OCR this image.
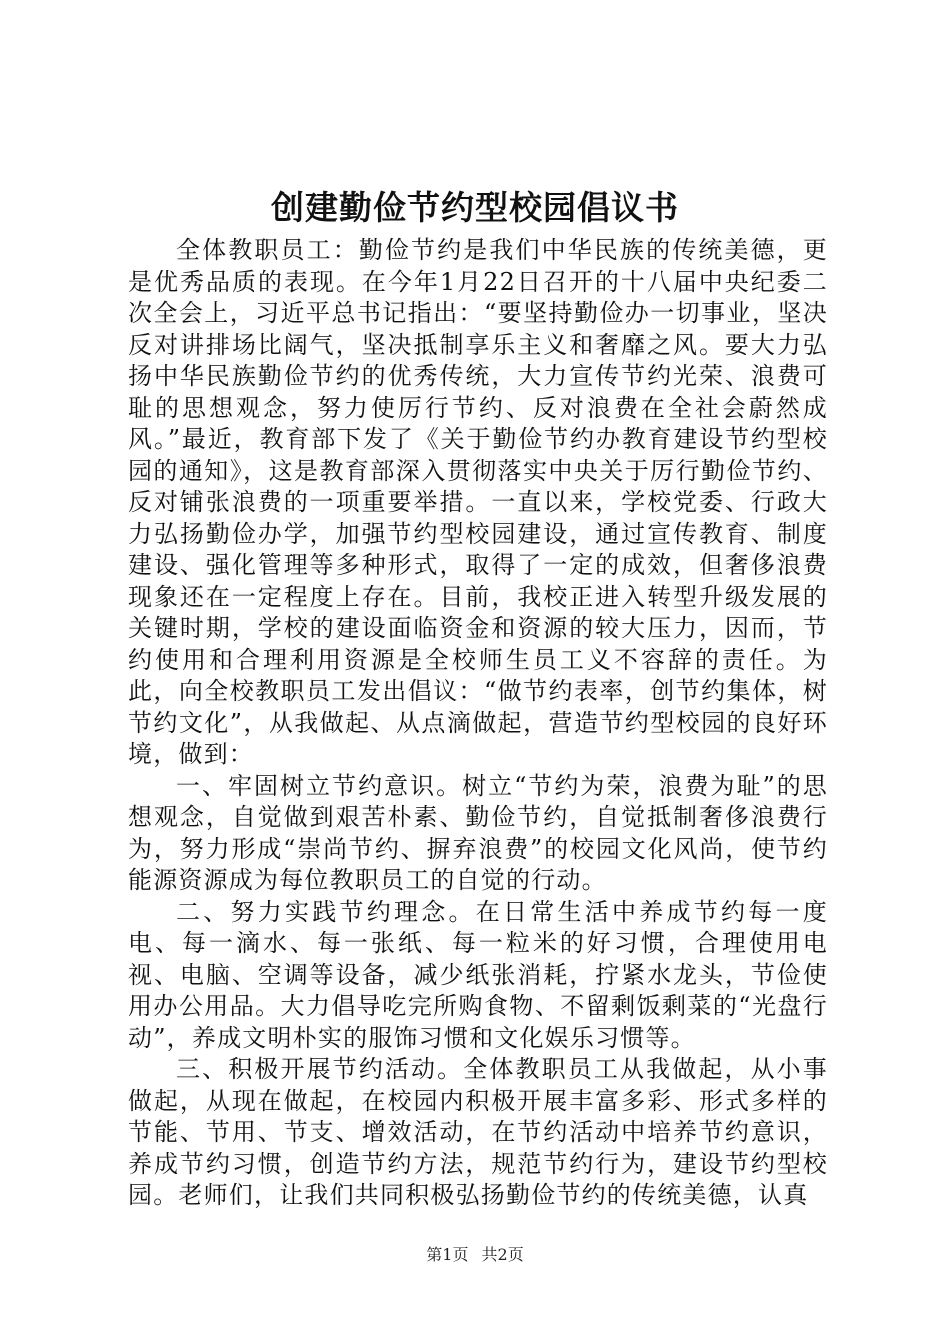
创建勤俭节约型校园倡议书

全体教职员工：勤俭节约是我们中华民族的传统美德，更是优秀品质的表现。在今年1月22日召开的十八届中央纪委二次全会上，习近平总书记指出：“要坚持勤俭办一切事业，坚决反对讲排场比阔气，坚决抵制享乐主义和奢靡之风。要大力弘扬中华民族勤俭节约的优秀传统，大力宣传节约光荣、浪费可耻的思想观念，努力使厉行节约、反对浪费在全社会蔚然成风。”最近，教育部下发了《关于勤俭节约办教育建设节约型校园的通知》，这是教育部深入贯彻落实中央关于厉行勤俭节约、反对铺张浪费的一项重要举措。一直以来，学校党委、行政大力弘扬勤俭办学，加强节约型校园建设，通过宣传教育、制度建设、强化管理等多种形式，取得了一定的成效，但奢侈浪费现象还在一定程度上存在。目前，我校正进入转型升级发展的关键时期，学校的建设面临资金和资源的较大压力，因而，节约使用和合理利用资源是全校师生员工义不容辞的责任。为此，向全校教职员工发出倡议：“做节约表率，创节约集体，树节约文化”，从我做起、从点滴做起，营造节约型校园的良好环境，做到：

一、牢固树立节约意识。树立“节约为荣，浪费为耻”的思想观念，自觉做到艰苦朴素、勤俭节约，自觉抵制奢侈浪费行为，努力形成“崇尚节约、摒弃浪费”的校园文化风尚，使节约能源资源成为每位教职员工的自觉的行动。

二、努力实践节约理念。在日常生活中养成节约每一度电、每一滴水、每一张纸、每一粒米的好习惯，合理使用电视、电脑、空调等设备，减少纸张消耗，拧紧水龙头，节俭使用办公用品。大力倡导吃完所购食物、不留剩饭剩菜的“光盘行动”，养成文明朴实的服饰习惯和文化娱乐习惯等。

三、积极开展节约活动。全体教职员工从我做起，从小事做起，从现在做起，在校园内积极开展丰富多彩、形式多样的节能、节用、节支、增效活动，在节约活动中培养节约意识，养成节约习惯，创造节约方法，规范节约行为，建设节约型校园。老师们，让我们共同积极弘扬勤俭节约的传统美德，认真

第1页 共2页
